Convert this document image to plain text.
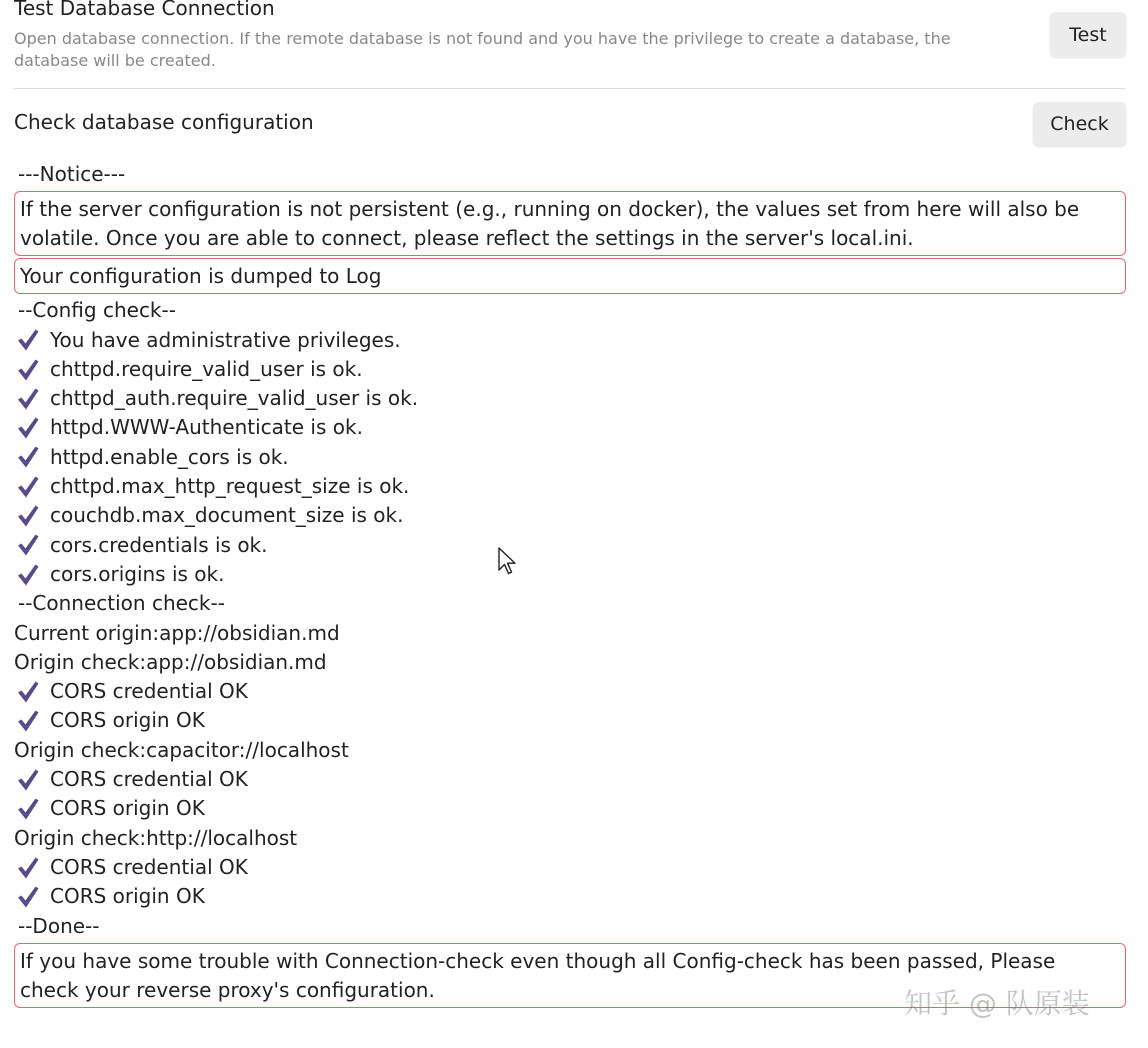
Test Database Connection
Open database connection. If the remote database is not found and you have the privilege to create a database, the database will be created.
Test
Check database configuration	Check
---Notice---
If the server configuration is not persistent (e.g., running on docker), the values set from here will also be volatile. Once you are able to connect, please reflect the settings in the server's local.ini.
Your configuration is dumped to Log
--Config check--
You have administrative privileges.
chttpd.require_valid_user is ok.
chttpd_auth.require_valid_user is ok.
httpd.WWW-Authenticate is ok.
httpd.enable_cors is ok.
chttpd.max_http_request_size is ok.
couchdb.max_document_size is ok.
cors.credentials is ok.
cors.origins is ok.
--Connection check--
Current origin:app://obsidian.md
Origin check:app://obsidian.md
CORS credential OK
CORS origin OK
Origin check:capacitor://localhost
CORS credential OK
CORS origin OK
Origin check:http://localhost
CORS credential OK
CORS origin OK
--Done--
If you have some trouble with Connection-check even though all Config-check has been passed, Please check your reverse proxy's configuration.	知乎 @ 队原装
